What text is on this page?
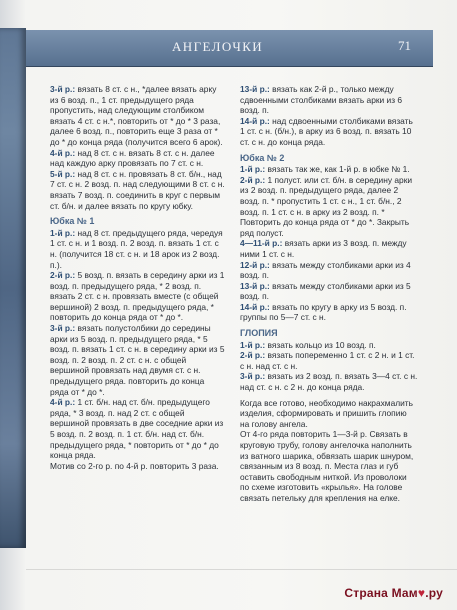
АНГЕЛОЧКИ	71

3-й р.: вязать 8 ст. с н., *далее вязать арку из 6 возд. п., 1 ст. предыдущего ряда пропустить, над следующим столбиком вязать 4 ст. с н.*, повторить от * до * 3 раза, далее 6 возд. п., повторить еще 3 раза от * до * до конца ряда (получится всего 6 арок).

4-й р.: над 8 ст. с н. вязать 8 ст. с н. далее над каждую арку провязать по 7 ст. с н.

5-й р.: над 8 ст. с н. провязать 8 ст. б/н., над 7 ст. с н. 2 возд. п. над следующими 8 ст. с н. вязать 7 возд. п. соединить в круг с первым ст. б/н. и далее вязать по кругу юбку.

Юбка № 1

1-й р.: над 8 ст. предыдущего ряда, чередуя 1 ст. с н. и 1 возд. п. 2 возд. п. вязать 1 ст. с н. (получится 18 ст. с н. и 18 арок из 2 возд. п.).

2-й р.: 5 возд. п. вязать в середину арки из 1 возд. п. предыдущего ряда, * 2 возд. п. вязать 2 ст. с н. провязать вместе (с общей вершиной) 2 возд. п. предыдущего ряда, * повторить до конца ряда от * до *.

3-й р.: вязать полустолбики до середины арки из 5 возд. п. предыдущего ряда, * 5 возд. п. вязать 1 ст. с н. в середину арки из 5 возд. п. 2 возд. п. 2 ст. с н. с общей вершиной провязать над двумя ст. с н. предыдущего ряда. повторить до конца ряда от * до *.

4-й р.: 1 ст. б/н. над ст. б/н. предыдущего ряда, * 3 возд. п. над 2 ст. с общей вершиной провязать в две соседние арки из 5 возд. п. 2 возд. п. 1 ст. б/н. над ст. б/н. предыдущего ряда, * повторить от * до * до конца ряда.

Мотив со 2-го р. по 4-й р. повторить 3 раза.

13-й р.: вязать как 2-й р., только между сдвоенными столбиками вязать арки из 6 возд. п.

14-й р.: над сдвоенными столбиками вязать 1 ст. с н. (б/н.), в арку из 6 возд. п. вязать 10 ст. с н. до конца ряда.

Юбка № 2

1-й р.: вязать так же, как 1-й р. в юбке № 1.

2-й р.: 1 полуст. или ст. б/н. в середину арки из 2 возд. п. предыдущего ряда, далее 2 возд. п. * пропустить 1 ст. с н., 1 ст. б/н., 2 возд. п. 1 ст. с н. в арку из 2 возд. п. * Повторить до конца ряда от * до *. Закрыть ряд полуст.

4—11-й р.: вязать арки из 3 возд. п. между ними 1 ст. с н.

12-й р.: вязать между столбиками арки из 4 возд. п.

13-й р.: вязать между столбиками арки из 5 возд. п.

14-й р.: вязать по кругу в арку из 5 возд. п. группы по 5—7 ст. с н.

ГЛОПИЯ

1-й р.: вязать кольцо из 10 возд. п.

2-й р.: вязать попеременно 1 ст. с 2 н. и 1 ст. с н. над ст. с н.

3-й р.: вязать из 2 возд. п. вязать 3—4 ст. с н. над ст. с н. с 2 н. до конца ряда.

Когда все готово, необходимо накрахмалить изделия, сформировать и пришить глопию на голову ангела.

От 4-го ряда повторить 1—3-й р. Связать в круговую трубу, голову ангелочка наполнить из ватного шарика, обвязать шарик шнуром, связанным из 8 возд. п. Места глаз и губ оставить свободным ниткой. Из проволоки по схеме изготовить «крылья». На голове связать петельку для крепления на елке.

Страна Мам♥.ру
